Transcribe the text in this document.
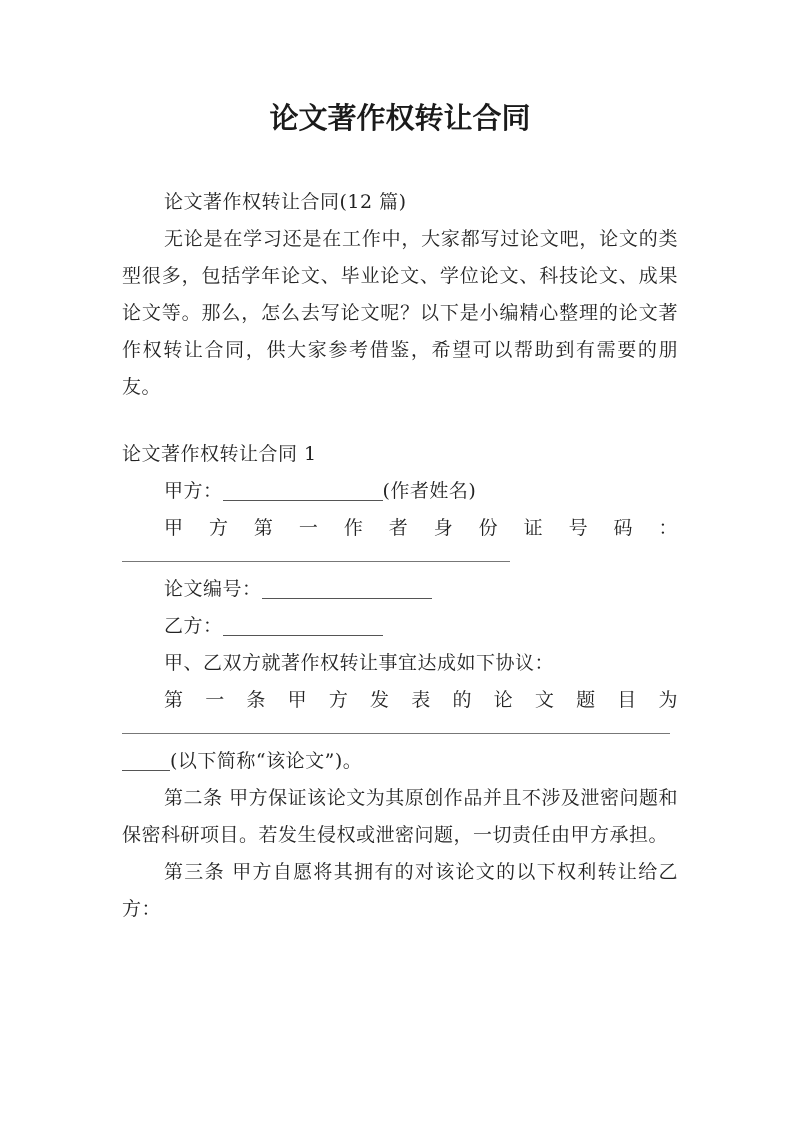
论文著作权转让合同

论文著作权转让合同(12 篇)

无论是在学习还是在工作中，大家都写过论文吧，论文的类型很多，包括学年论文、毕业论文、学位论文、科技论文、成果论文等。那么，怎么去写论文呢？以下是小编精心整理的论文著作权转让合同，供大家参考借鉴，希望可以帮助到有需要的朋友。

论文著作权转让合同 1

甲方：	(作者姓名)

甲方第一作者身份证号码：

论文编号：

乙方：

甲、乙双方就著作权转让事宜达成如下协议：

第一条甲方发表的论文题目为

(以下简称“该论文”)。

第二条 甲方保证该论文为其原创作品并且不涉及泄密问题和保密科研项目。若发生侵权或泄密问题，一切责任由甲方承担。

第三条 甲方自愿将其拥有的对该论文的以下权利转让给乙方：
